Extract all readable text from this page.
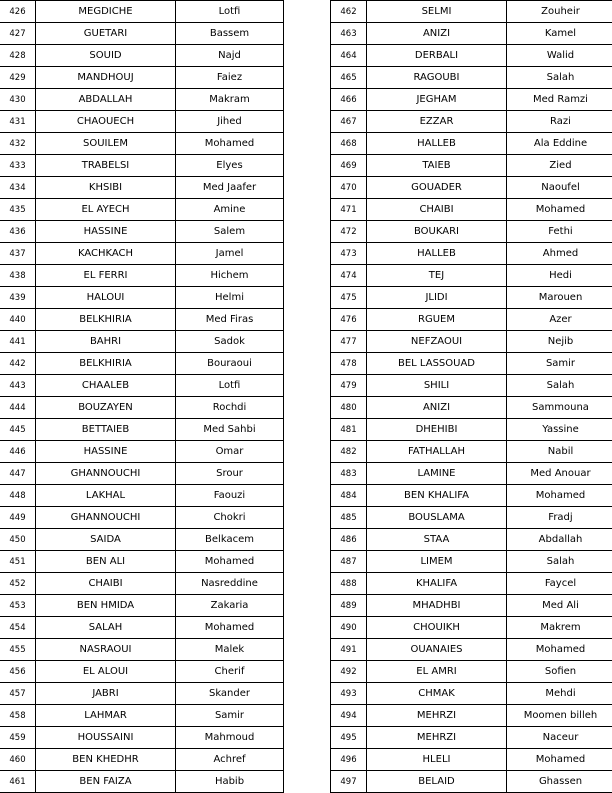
426	MEGDICHE	Lotfi
427	GUETARI	Bassem
428	SOUID	Najd
429	MANDHOUJ	Faiez
430	ABDALLAH	Makram
431	CHAOUECH	Jihed
432	SOUILEM	Mohamed
433	TRABELSI	Elyes
434	KHSIBI	Med Jaafer
435	EL AYECH	Amine
436	HASSINE	Salem
437	KACHKACH	Jamel
438	EL FERRI	Hichem
439	HALOUI	Helmi
440	BELKHIRIA	Med Firas
441	BAHRI	Sadok
442	BELKHIRIA	Bouraoui
443	CHAALEB	Lotfi
444	BOUZAYEN	Rochdi
445	BETTAIEB	Med Sahbi
446	HASSINE	Omar
447	GHANNOUCHI	Srour
448	LAKHAL	Faouzi
449	GHANNOUCHI	Chokri
450	SAIDA	Belkacem
451	BEN ALI	Mohamed
452	CHAIBI	Nasreddine
453	BEN HMIDA	Zakaria
454	SALAH	Mohamed
455	NASRAOUI	Malek
456	EL ALOUI	Cherif
457	JABRI	Skander
458	LAHMAR	Samir
459	HOUSSAINI	Mahmoud
460	BEN KHEDHR	Achref
461	BEN FAIZA	Habib
462	SELMI	Zouheir
463	ANIZI	Kamel
464	DERBALI	Walid
465	RAGOUBI	Salah
466	JEGHAM	Med Ramzi
467	EZZAR	Razi
468	HALLEB	Ala Eddine
469	TAIEB	Zied
470	GOUADER	Naoufel
471	CHAIBI	Mohamed
472	BOUKARI	Fethi
473	HALLEB	Ahmed
474	TEJ	Hedi
475	JLIDI	Marouen
476	RGUEM	Azer
477	NEFZAOUI	Nejib
478	BEL LASSOUAD	Samir
479	SHILI	Salah
480	ANIZI	Sammouna
481	DHEHIBI	Yassine
482	FATHALLAH	Nabil
483	LAMINE	Med Anouar
484	BEN KHALIFA	Mohamed
485	BOUSLAMA	Fradj
486	STAA	Abdallah
487	LIMEM	Salah
488	KHALIFA	Faycel
489	MHADHBI	Med Ali
490	CHOUIKH	Makrem
491	OUANAIES	Mohamed
492	EL AMRI	Sofien
493	CHMAK	Mehdi
494	MEHRZI	Moomen billeh
495	MEHRZI	Naceur
496	HLELI	Mohamed
497	BELAID	Ghassen
